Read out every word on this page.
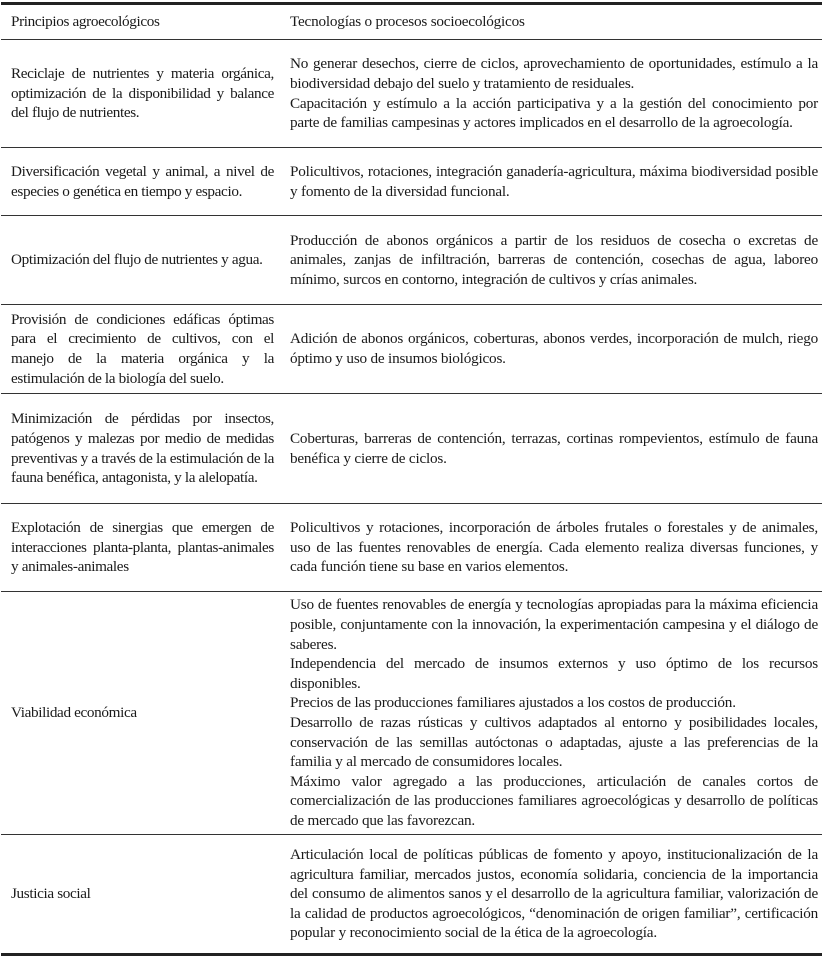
Principios agroecológicos	Tecnologías o procesos socioecológicos
Reciclaje de nutrientes y materia orgánica, optimización de la disponibilidad y balance del flujo de nutrientes.
No generar desechos, cierre de ciclos, aprovechamiento de oportunidades, estímulo a la biodiversidad debajo del suelo y tratamiento de residuales.
Capacitación y estímulo a la acción participativa y a la gestión del conocimiento por parte de familias campesinas y actores implicados en el desarrollo de la agroecología.
Diversificación vegetal y animal, a nivel de especies o genética en tiempo y espacio.
Policultivos, rotaciones, integración ganadería-agricultura, máxima biodiversidad posible y fomento de la diversidad funcional.
Optimización del flujo de nutrientes y agua.
Producción de abonos orgánicos a partir de los residuos de cosecha o excretas de animales, zanjas de infiltración, barreras de contención, cosechas de agua, laboreo mínimo, surcos en contorno, integración de cultivos y crías animales.
Provisión de condiciones edáficas óptimas para el crecimiento de cultivos, con el manejo de la materia orgánica y la estimulación de la biología del suelo.
Adición de abonos orgánicos, coberturas, abonos verdes, incorporación de mulch, riego óptimo y uso de insumos biológicos.
Minimización de pérdidas por insectos, patógenos y malezas por medio de medidas preventivas y a través de la estimulación de la fauna benéfica, antagonista, y la alelopatía.
Coberturas, barreras de contención, terrazas, cortinas rompevientos, estímulo de fauna benéfica y cierre de ciclos.
Explotación de sinergias que emergen de interacciones planta-planta, plantas-animales y animales-animales
Policultivos y rotaciones, incorporación de árboles frutales o forestales y de animales, uso de las fuentes renovables de energía. Cada elemento realiza diversas funciones, y cada función tiene su base en varios elementos.
Viabilidad económica
Uso de fuentes renovables de energía y tecnologías apropiadas para la máxima eficiencia posible, conjuntamente con la innovación, la experimentación campesina y el diálogo de saberes.
Independencia del mercado de insumos externos y uso óptimo de los recursos disponibles.
Precios de las producciones familiares ajustados a los costos de producción.
Desarrollo de razas rústicas y cultivos adaptados al entorno y posibilidades locales, conservación de las semillas autóctonas o adaptadas, ajuste a las preferencias de la familia y al mercado de consumidores locales.
Máximo valor agregado a las producciones, articulación de canales cortos de comercialización de las producciones familiares agroecológicas y desarrollo de políticas de mercado que las favorezcan.
Justicia social
Articulación local de políticas públicas de fomento y apoyo, institucionalización de la agricultura familiar, mercados justos, economía solidaria, conciencia de la importancia del consumo de alimentos sanos y el desarrollo de la agricultura familiar, valorización de la calidad de productos agroecológicos, “denominación de origen familiar”, certificación popular y reconocimiento social de la ética de la agroecología.
